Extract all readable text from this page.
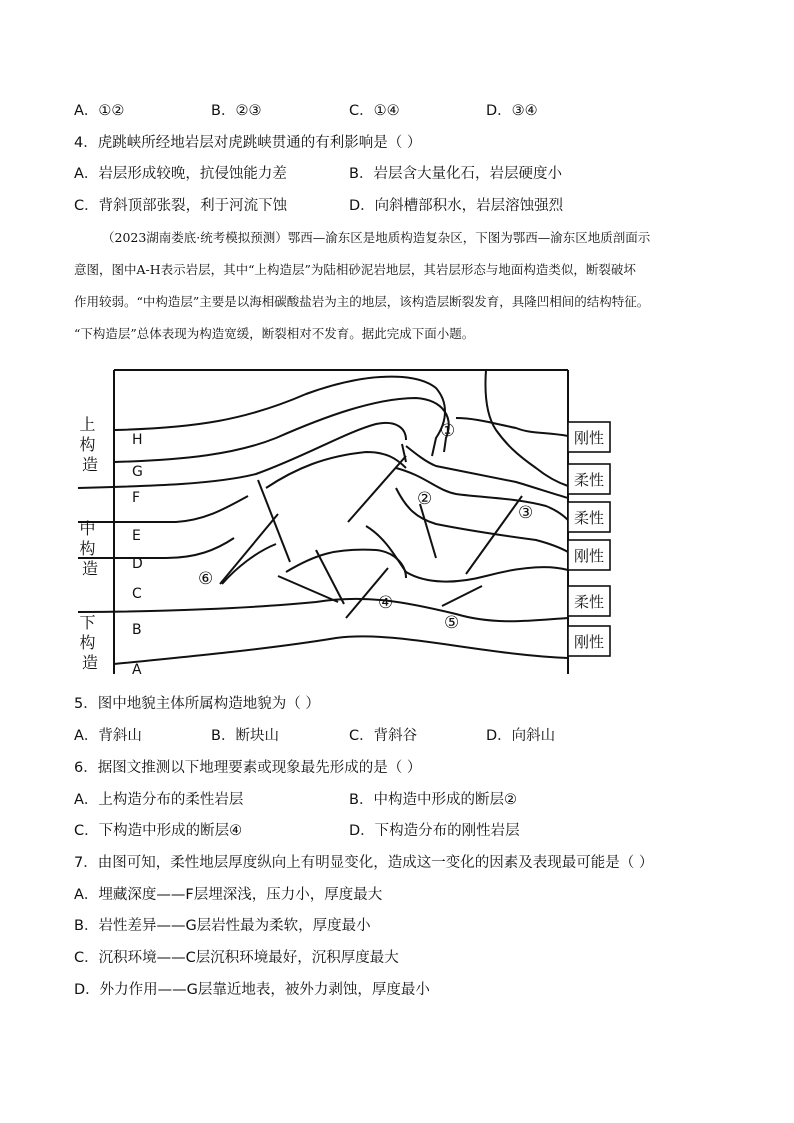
A．①②	B．②③	C．①④	D．③④
4．虎跳峡所经地岩层对虎跳峡贯通的有利影响是（ ）
A．岩层形成较晚，抗侵蚀能力差	B．岩层含大量化石，岩层硬度小
C．背斜顶部张裂，利于河流下蚀	D．向斜槽部积水，岩层溶蚀强烈
（2023湖南娄底·统考模拟预测）鄂西—渝东区是地质构造复杂区，下图为鄂西—渝东区地质剖面示
意图，图中A-H表示岩层，其中“上构造层”为陆相砂泥岩地层，其岩层形态与地面构造类似，断裂破坏
作用较弱。“中构造层”主要是以海相碳酸盐岩为主的地层，该构造层断裂发育，具隆凹相间的结构特征。
“下构造层”总体表现为构造宽缓，断裂相对不发育。据此完成下面小题。
上 构 造
中 构 造
下 构 造
H
G
F
E
D
C
B
A
①
②
③
④
⑤
⑥
刚性
柔性
柔性
刚性
柔性
刚性
5．图中地貌主体所属构造地貌为（ ）
A．背斜山	B．断块山	C．背斜谷	D．向斜山
6．据图文推测以下地理要素或现象最先形成的是（ ）
A．上构造分布的柔性岩层	B．中构造中形成的断层②
C．下构造中形成的断层④	D．下构造分布的刚性岩层
7．由图可知，柔性地层厚度纵向上有明显变化，造成这一变化的因素及表现最可能是（ ）
A．埋藏深度——F层埋深浅，压力小，厚度最大
B．岩性差异——G层岩性最为柔软，厚度最小
C．沉积环境——C层沉积环境最好，沉积厚度最大
D．外力作用——G层靠近地表，被外力剥蚀，厚度最小
